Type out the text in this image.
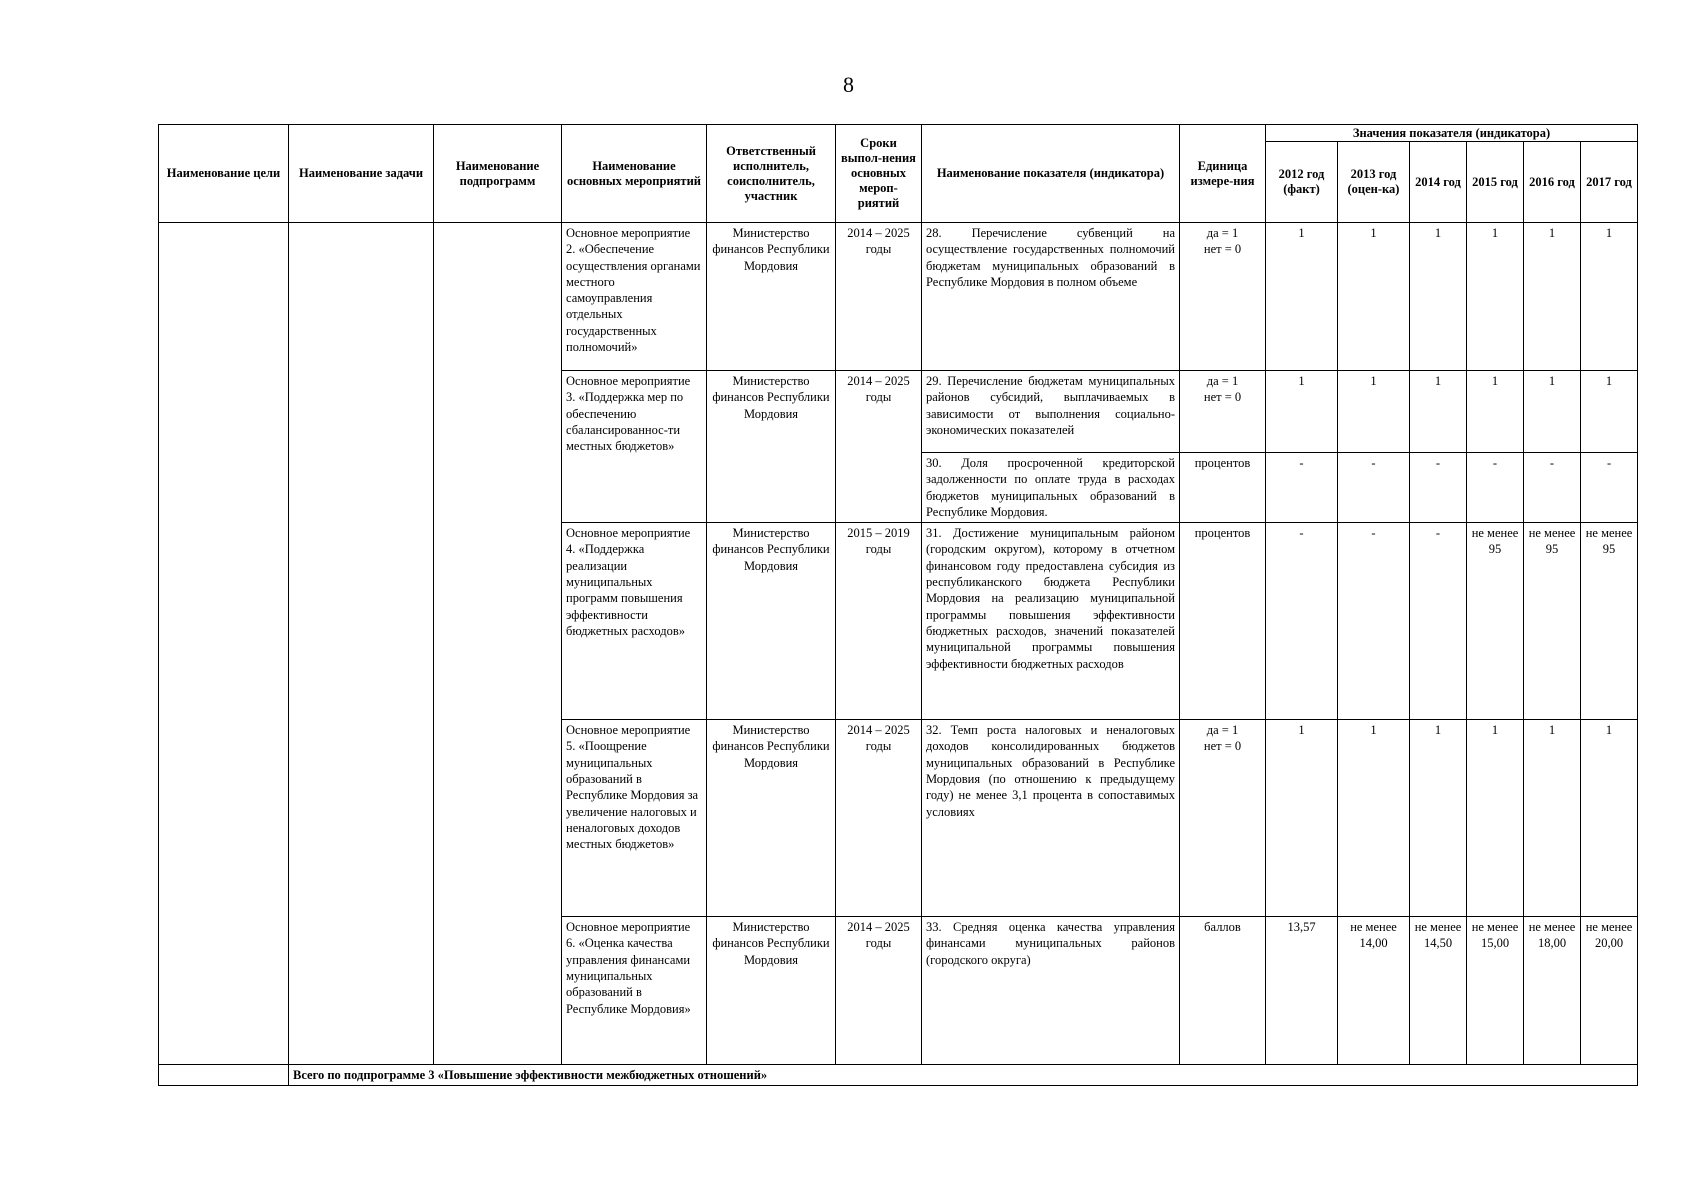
8
Наименование цели	Наименование задачи	Наименование подпрограмм	Наименование основных мероприятий	Ответственный исполнитель, соисполнитель, участник	Сроки выпол-нения основных мероп-риятий	Наименование показателя (индикатора)	Единица измере-ния	Значения показателя (индикатора)					
								2012 год (факт)	2013 год (оцен-ка)	2014 год	2015 год	2016 год	2017 год
			Основное мероприятие 2. «Обеспечение осуществления органами местного самоуправления отдельных государственных полномочий»	Министерство финансов Республики Мордовия	2014 – 2025 годы	28. Перечисление субвенций на осуществление государственных полномочий бюджетам муниципальных образований в Республике Мордовия в полном объеме	да = 1
нет = 0	1	1	1	1	1	1
			Основное мероприятие 3. «Поддержка мер по обеспечению сбалансированнос-ти местных бюджетов»	Министерство финансов Республики Мордовия	2014 – 2025 годы	29. Перечисление бюджетам муниципальных районов субсидий, выплачиваемых в зависимости от выполнения социально-экономических показателей	да = 1
нет = 0	1	1	1	1	1	1
						30. Доля просроченной кредиторской задолженности по оплате труда в расходах бюджетов муниципальных образований в Республике Мордовия.	процентов	-	-	-	-	-	-
			Основное мероприятие 4. «Поддержка реализации муниципальных программ повышения эффективности бюджетных расходов»	Министерство финансов Республики Мордовия	2015 – 2019 годы	31. Достижение муниципальным районом (городским округом), которому в отчетном финансовом году предоставлена субсидия из республиканского бюджета Республики Мордовия на реализацию муниципальной программы повышения эффективности бюджетных расходов, значений показателей муниципальной программы повышения эффективности бюджетных расходов	процентов	-	-	-	не менее 95	не менее 95	не менее 95
			Основное мероприятие 5. «Поощрение муниципальных образований в Республике Мордовия за увеличение налоговых и неналоговых доходов местных бюджетов»	Министерство финансов Республики Мордовия	2014 – 2025 годы	32. Темп роста налоговых и неналоговых доходов консолидированных бюджетов муниципальных образований в Республике Мордовия (по отношению к предыдущему году) не менее 3,1 процента в сопоставимых условиях	да = 1
нет = 0	1	1	1	1	1	1
			Основное мероприятие 6. «Оценка качества управления финансами муниципальных образований в Республике Мордовия»	Министерство финансов Республики Мордовия	2014 – 2025 годы	33. Средняя оценка качества управления финансами муниципальных районов (городского округа)	баллов	13,57	не менее 14,00	не менее 14,50	не менее 15,00	не менее 18,00	не менее 20,00
	Всего по подпрограмме 3 «Повышение эффективности межбюджетных отношений»												
